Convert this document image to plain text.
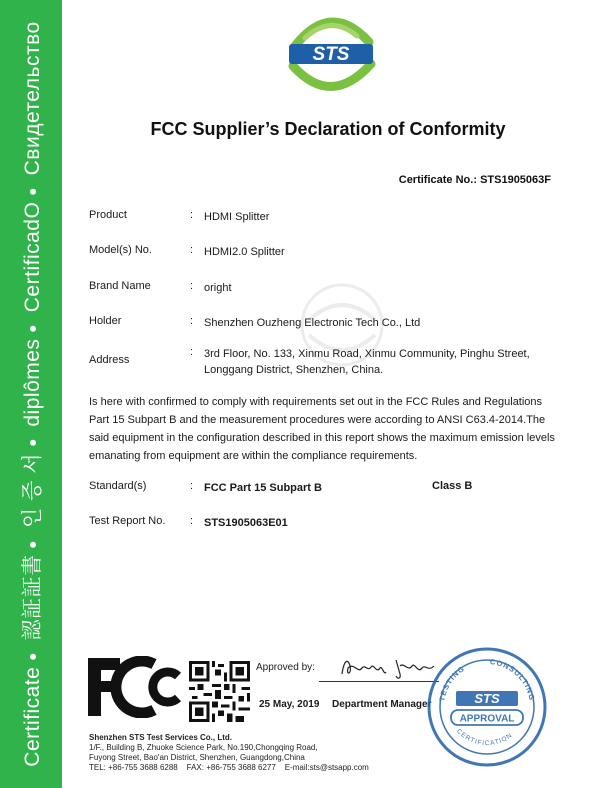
Certificate 認証証書 인 증 서 diplômes CertificadO Свидетельство	STS
FCC Supplier’s Declaration of Conformity
Certificate No.: STS1905063F
Product	: HDMI Splitter
Model(s) No.	: HDMI2.0 Splitter
Brand Name	: oright
Holder	: Shenzhen Ouzheng Electronic Tech Co., Ltd
Address
: 3rd Floor, No. 133, Xinmu Road, Xinmu Community, Pinghu Street,
Longgang District, Shenzhen, China.
Is here with confirmed to comply with requirements set out in the FCC Rules and Regulations
Part 15 Subpart B and the measurement procedures were according to ANSI C63.4-2014.The
said equipment in the configuration described in this report shows the maximum emission levels
emanating from equipment are within the compliance requirements.
Standard(s)	: FCC Part 15 Subpart B	Class B
Test Report No. : STS1905063E01
Approved by:
25 May, 2019 Department Manager
TESTING
CONSULTING
STS
APPROVAL
CERTIFICATION
Shenzhen STS Test Services Co., Ltd.
1/F., Building B, Zhuoke Science Park, No.190,Chongqing Road,
Fuyong Street, Bao'an District, Shenzhen, Guangdong,China
TEL: +86-755 3688 6288    FAX: +86-755 3688 6277    E-mail:sts@stsapp.com
